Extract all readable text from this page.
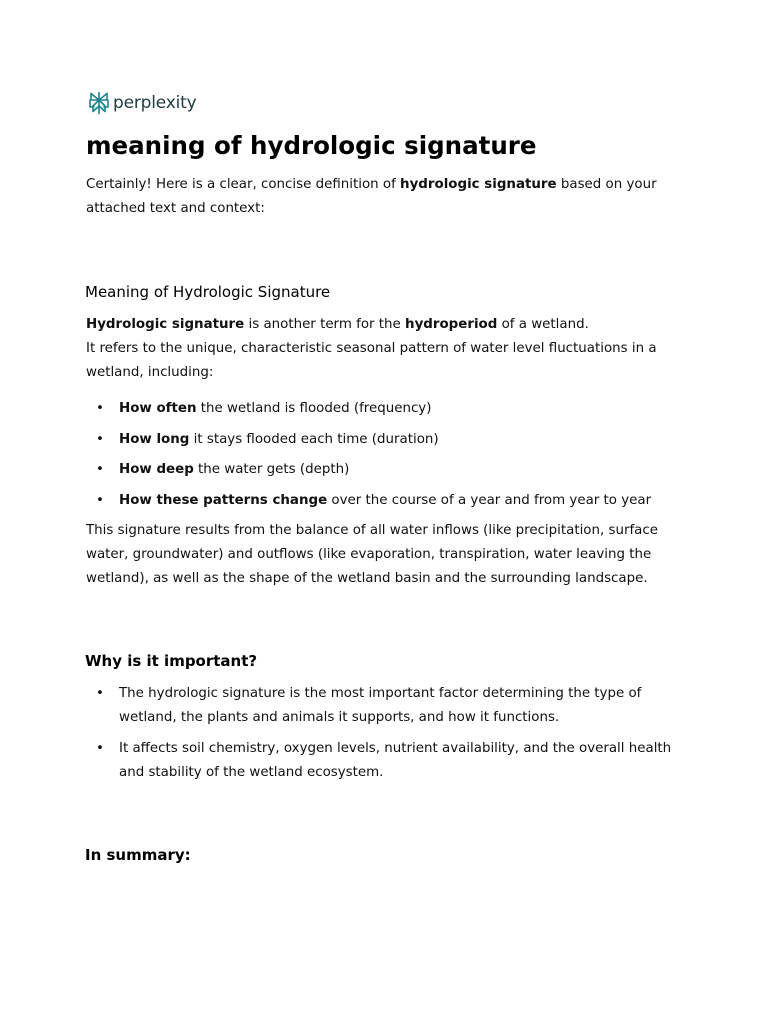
perplexity
meaning of hydrologic signature

Certainly! Here is a clear, concise definition of hydrologic signature based on your attached text and context:

Meaning of Hydrologic Signature

Hydrologic signature is another term for the hydroperiod of a wetland.
It refers to the unique, characteristic seasonal pattern of water level fluctuations in a wetland, including:

• How often the wetland is flooded (frequency)
• How long it stays flooded each time (duration)
• How deep the water gets (depth)
• How these patterns change over the course of a year and from year to year

This signature results from the balance of all water inflows (like precipitation, surface water, groundwater) and outflows (like evaporation, transpiration, water leaving the wetland), as well as the shape of the wetland basin and the surrounding landscape.

Why is it important?
• The hydrologic signature is the most important factor determining the type of wetland, the plants and animals it supports, and how it functions.
• It affects soil chemistry, oxygen levels, nutrient availability, and the overall health and stability of the wetland ecosystem.
In summary:
